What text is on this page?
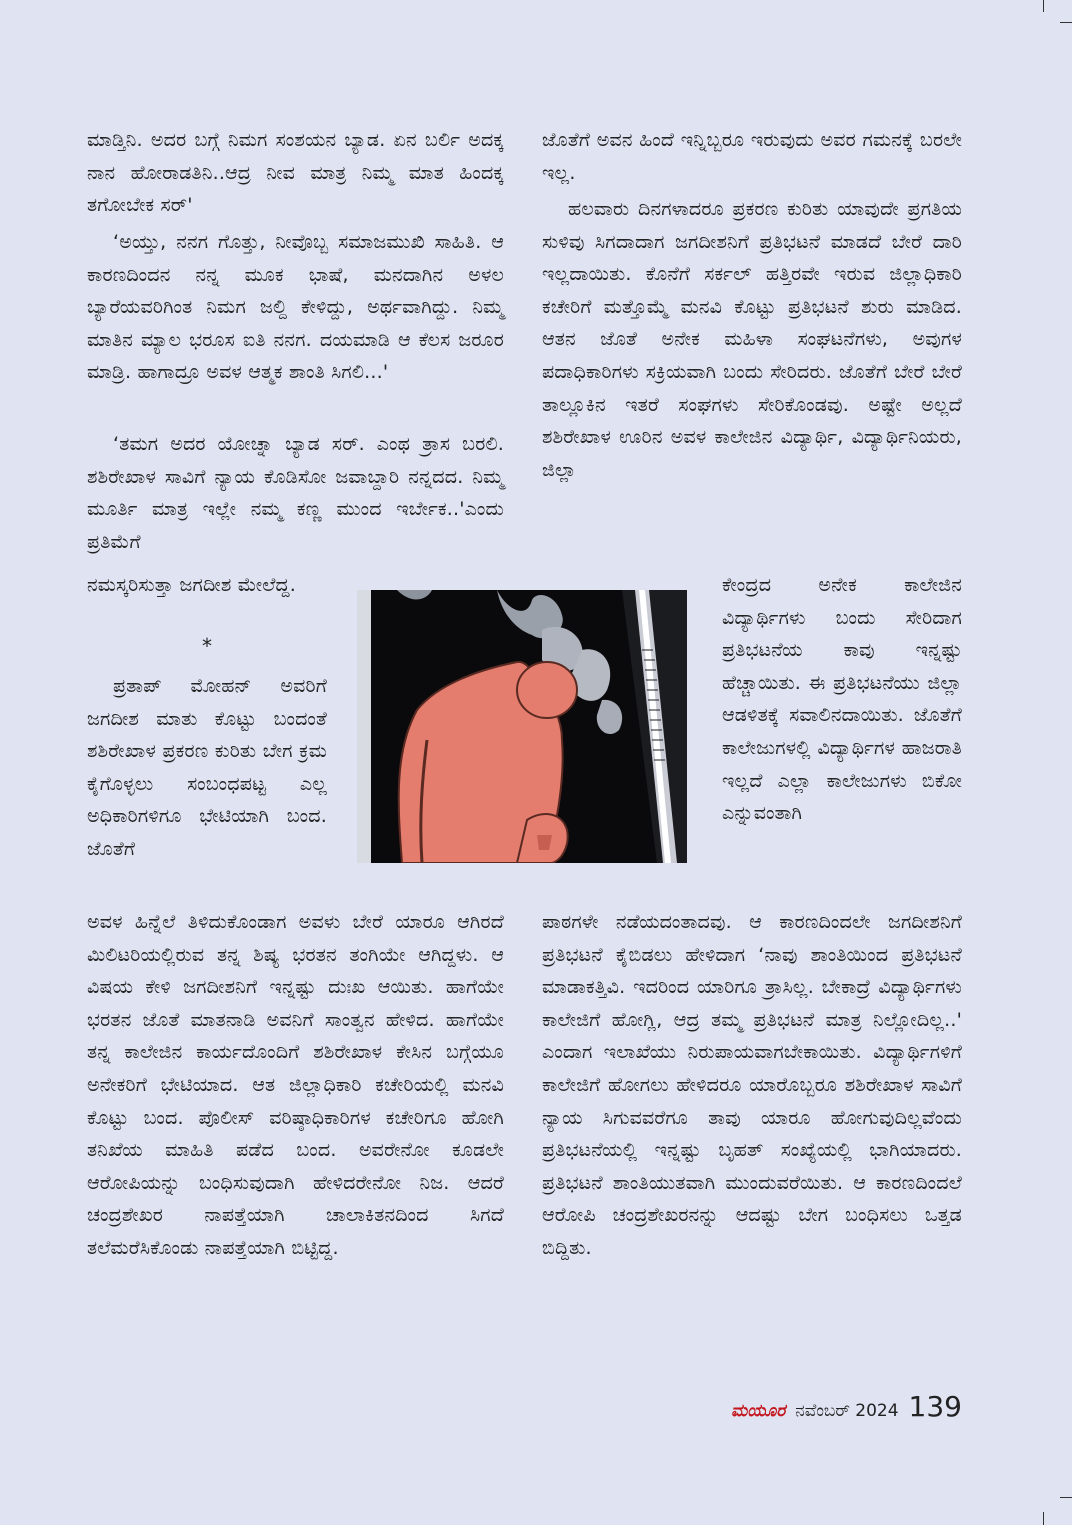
ಮಾಡ್ತಿನಿ. ಅದರ ಬಗ್ಗೆ ನಿಮಗ ಸಂಶಯನ ಬ್ಯಾಡ. ಏನ ಬರ್ಲಿ ಅದಕ್ಕ ನಾನ ಹೋರಾಡತಿನಿ..ಆದ್ರ ನೀವ ಮಾತ್ರ ನಿಮ್ಮ ಮಾತ ಹಿಂದಕ್ಕ ತಗೋಬೇಕ ಸರ್'

‘ಅಯ್ತು, ನನಗ ಗೊತ್ತು, ನೀವೊಬ್ಬ ಸಮಾಜಮುಖಿ ಸಾಹಿತಿ. ಆ ಕಾರಣದಿಂದನ ನನ್ನ ಮೂಕ ಭಾಷೆ, ಮನದಾಗಿನ ಅಳಲ ಬ್ಯಾರೆಯವರಿಗಿಂತ ನಿಮಗ ಜಲ್ದಿ ಕೇಳಿದ್ದು, ಅರ್ಥವಾಗಿದ್ದು. ನಿಮ್ಮ ಮಾತಿನ ಮ್ಯಾಲ ಭರೂಸ ಐತಿ ನನಗ. ದಯಮಾಡಿ ಆ ಕೆಲಸ ಜರೂರ ಮಾಡ್ರಿ. ಹಾಗಾದ್ರೂ ಅವಳ ಆತ್ಮಕ ಶಾಂತಿ ಸಿಗಲಿ...'

‘ತಮಗ ಅದರ ಯೋಚ್ನಾ ಬ್ಯಾಡ ಸರ್. ಎಂಥ ತ್ರಾಸ ಬರಲಿ. ಶಶಿರೇಖಾಳ ಸಾವಿಗೆ ನ್ಯಾಯ ಕೊಡಿಸೋ ಜವಾಬ್ದಾರಿ ನನ್ನದದ. ನಿಮ್ಮ ಮೂರ್ತಿ ಮಾತ್ರ ಇಲ್ಲೇ ನಮ್ಮ ಕಣ್ಣ ಮುಂದ ಇರ್ಬೇಕ..'ಎಂದು ಪ್ರತಿಮೆಗೆ

ನಮಸ್ಕರಿಸುತ್ತಾ ಜಗದೀಶ ಮೇಲೆದ್ದ.

*

ಪ್ರತಾಪ್ ಮೋಹನ್ ಅವರಿಗೆ ಜಗದೀಶ ಮಾತು ಕೊಟ್ಟು ಬಂದಂತೆ ಶಶಿರೇಖಾಳ ಪ್ರಕರಣ ಕುರಿತು ಬೇಗ ಕ್ರಮ ಕೈಗೊಳ್ಳಲು ಸಂಬಂಧಪಟ್ಟ ಎಲ್ಲ ಅಧಿಕಾರಿಗಳಿಗೂ ಭೇಟಿಯಾಗಿ ಬಂದ. ಜೊತೆಗೆ

ಅವಳ ಹಿನ್ನೆಲೆ ತಿಳಿದುಕೊಂಡಾಗ ಅವಳು ಬೇರೆ ಯಾರೂ ಆಗಿರದೆ ಮಿಲಿಟರಿಯಲ್ಲಿರುವ ತನ್ನ ಶಿಷ್ಯ ಭರತನ ತಂಗಿಯೇ ಆಗಿದ್ದಳು. ಆ ವಿಷಯ ಕೇಳಿ ಜಗದೀಶನಿಗೆ ಇನ್ನಷ್ಟು ದುಃಖ ಆಯಿತು. ಹಾಗೆಯೇ ಭರತನ ಜೊತೆ ಮಾತನಾಡಿ ಅವನಿಗೆ ಸಾಂತ್ವನ ಹೇಳಿದ. ಹಾಗೆಯೇ ತನ್ನ ಕಾಲೇಜಿನ ಕಾರ್ಯದೊಂದಿಗೆ ಶಶಿರೇಖಾಳ ಕೇಸಿನ ಬಗ್ಗೆಯೂ ಅನೇಕರಿಗೆ ಭೇಟಿಯಾದ. ಆತ ಜಿಲ್ಲಾಧಿಕಾರಿ ಕಚೇರಿಯಲ್ಲಿ ಮನವಿ ಕೊಟ್ಟು ಬಂದ. ಪೊಲೀಸ್ ವರಿಷ್ಠಾಧಿಕಾರಿಗಳ ಕಚೇರಿಗೂ ಹೋಗಿ ತನಿಖೆಯ ಮಾಹಿತಿ ಪಡೆದ ಬಂದ. ಅವರೇನೋ ಕೂಡಲೇ ಆರೋಪಿಯನ್ನು ಬಂಧಿಸುವುದಾಗಿ ಹೇಳಿದರೇನೋ ನಿಜ. ಆದರೆ ಚಂದ್ರಶೇಖರ ನಾಪತ್ತೆಯಾಗಿ ಚಾಲಾಕಿತನದಿಂದ ಸಿಗದೆ ತಲೆಮರೆಸಿಕೊಂಡು ನಾಪತ್ತೆಯಾಗಿ ಬಿಟ್ಟಿದ್ದ.

ಜೊತೆಗೆ ಅವನ ಹಿಂದೆ ಇನ್ನಿಬ್ಬರೂ ಇರುವುದು ಅವರ ಗಮನಕ್ಕೆ ಬರಲೇ ಇಲ್ಲ.

ಹಲವಾರು ದಿನಗಳಾದರೂ ಪ್ರಕರಣ ಕುರಿತು ಯಾವುದೇ ಪ್ರಗತಿಯ ಸುಳಿವು ಸಿಗದಾದಾಗ ಜಗದೀಶನಿಗೆ ಪ್ರತಿಭಟನೆ ಮಾಡದೆ ಬೇರೆ ದಾರಿ ಇಲ್ಲದಾಯಿತು. ಕೊನೆಗೆ ಸರ್ಕಲ್ ಹತ್ತಿರವೇ ಇರುವ ಜಿಲ್ಲಾಧಿಕಾರಿ ಕಚೇರಿಗೆ ಮತ್ತೊಮ್ಮೆ ಮನವಿ ಕೊಟ್ಟು ಪ್ರತಿಭಟನೆ ಶುರು ಮಾಡಿದ. ಆತನ ಜೊತೆ ಅನೇಕ ಮಹಿಳಾ ಸಂಘಟನೆಗಳು, ಅವುಗಳ ಪದಾಧಿಕಾರಿಗಳು ಸಕ್ರಿಯವಾಗಿ ಬಂದು ಸೇರಿದರು. ಜೊತೆಗೆ ಬೇರೆ ಬೇರೆ ತಾಲ್ಲೂಕಿನ ಇತರೆ ಸಂಘಗಳು ಸೇರಿಕೊಂಡವು. ಅಷ್ಟೇ ಅಲ್ಲದೆ ಶಶಿರೇಖಾಳ ಊರಿನ ಅವಳ ಕಾಲೇಜಿನ ವಿದ್ಯಾರ್ಥಿ, ವಿದ್ಯಾರ್ಥಿನಿಯರು, ಜಿಲ್ಲಾ

ಕೇಂದ್ರದ ಅನೇಕ ಕಾಲೇಜಿನ ವಿದ್ಯಾರ್ಥಿಗಳು ಬಂದು ಸೇರಿದಾಗ ಪ್ರತಿಭಟನೆಯ ಕಾವು ಇನ್ನಷ್ಟು ಹೆಚ್ಚಾಯಿತು. ಈ ಪ್ರತಿಭಟನೆಯು ಜಿಲ್ಲಾ ಆಡಳಿತಕ್ಕೆ ಸವಾಲಿನದಾಯಿತು. ಜೊತೆಗೆ ಕಾಲೇಜುಗಳಲ್ಲಿ ವಿದ್ಯಾರ್ಥಿಗಳ ಹಾಜರಾತಿ ಇಲ್ಲದೆ ಎಲ್ಲಾ ಕಾಲೇಜುಗಳು ಬಿಕೋ ಎನ್ನುವಂತಾಗಿ

ಪಾಠಗಳೇ ನಡೆಯದಂತಾದವು. ಆ ಕಾರಣದಿಂದಲೇ ಜಗದೀಶನಿಗೆ ಪ್ರತಿಭಟನೆ ಕೈಬಿಡಲು ಹೇಳಿದಾಗ ‘ನಾವು ಶಾಂತಿಯಿಂದ ಪ್ರತಿಭಟನೆ ಮಾಡಾಕತ್ತಿವಿ. ಇದರಿಂದ ಯಾರಿಗೂ ತ್ರಾಸಿಲ್ಲ. ಬೇಕಾದ್ರೆ ವಿದ್ಯಾರ್ಥಿಗಳು ಕಾಲೇಜಿಗೆ ಹೋಗ್ಲಿ, ಆದ್ರ ತಮ್ಮ ಪ್ರತಿಭಟನೆ ಮಾತ್ರ ನಿಲ್ಲೋದಿಲ್ಲ..' ಎಂದಾಗ ಇಲಾಖೆಯು ನಿರುಪಾಯವಾಗಬೇಕಾಯಿತು. ವಿದ್ಯಾರ್ಥಿಗಳಿಗೆ ಕಾಲೇಜಿಗೆ ಹೋಗಲು ಹೇಳಿದರೂ ಯಾರೊಬ್ಬರೂ ಶಶಿರೇಖಾಳ ಸಾವಿಗೆ ನ್ಯಾಯ ಸಿಗುವವರೆಗೂ ತಾವು ಯಾರೂ ಹೋಗುವುದಿಲ್ಲವೆಂದು ಪ್ರತಿಭಟನೆಯಲ್ಲಿ ಇನ್ನಷ್ಟು ಬೃಹತ್ ಸಂಖ್ಯೆಯಲ್ಲಿ ಭಾಗಿಯಾದರು. ಪ್ರತಿಭಟನೆ ಶಾಂತಿಯುತವಾಗಿ ಮುಂದುವರೆಯಿತು. ಆ ಕಾರಣದಿಂದಲೆ ಆರೋಪಿ ಚಂದ್ರಶೇಖರನನ್ನು ಆದಷ್ಟು ಬೇಗ ಬಂಧಿಸಲು ಒತ್ತಡ ಬಿದ್ದಿತು.

ಮಯೂರ ನವೆಂಬರ್ 2024 139
